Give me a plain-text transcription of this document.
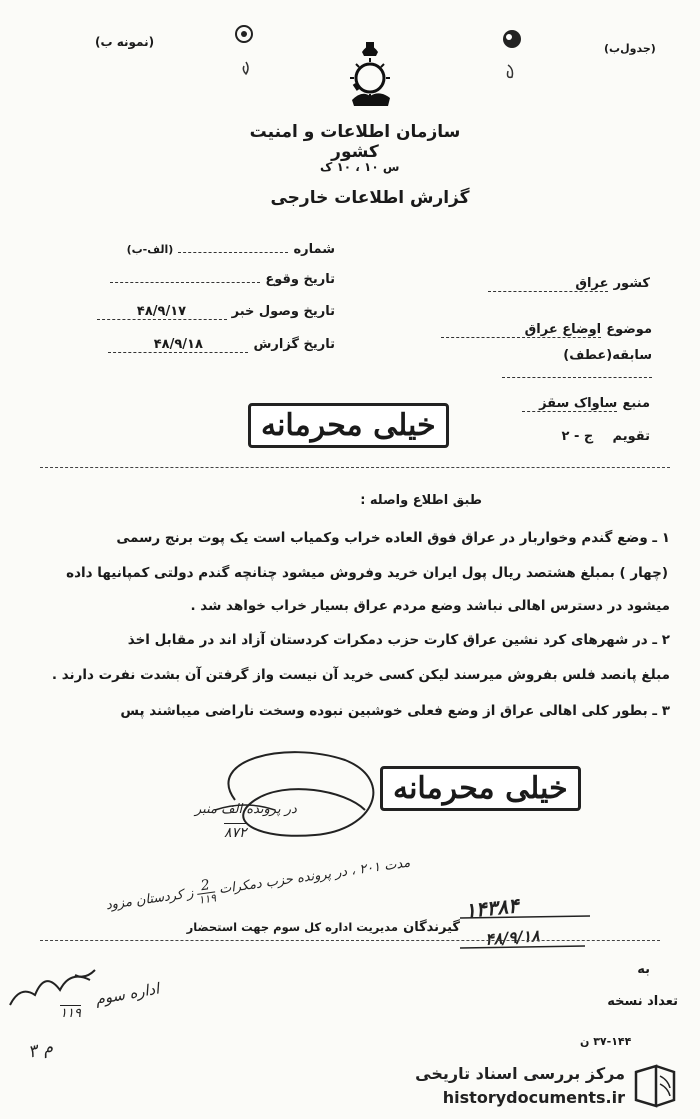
(نمونه ب)	(جدول‌ب)
سازمان اطلاعات و امنیت کشور
س ۱۰ ، ۱۰ ک
گزارش اطلاعات خارجی
شماره  (الف-ب)
تاریخ وقوع
تاریخ وصول خبر ۴۸/۹/۱۷
تاریخ گزارش ۴۸/۹/۱۸
کشور عراق
موضوع اوضاع عراق
سابقه(عطف)
منبع ساواک سقز
تقویم ج - ۲
خیلی محرمانه
طبق اطلاع واصله :
۱ ـ وضع گندم وخواربار در عراق فوق العاده خراب وکمیاب است یک پوت برنج رسمی
(چهار ) بمبلغ هشتصد ریال پول ایران خرید وفروش میشود چنانچه گندم دولتی کمپانیها داده
میشود در دسترس اهالی نباشد وضع مردم عراق بسیار خراب خواهد شد .
۲ ـ در شهرهای کرد نشین عراق کارت حزب دمکرات کردستان آزاد اند در مقابل اخذ
مبلغ پانصد فلس بفروش میرسند لیکن کسی خرید آن نیست واز گرفتن آن بشدت نفرت دارند .
۳ ـ بطور کلی اهالی عراق از وضع فعلی خوشبین نبوده وسخت ناراضی میباشند پس
خیلی محرمانه
در پرونده الف منبر
۸۷۲
مدت ۲۰۱ ، در پرونده حزب دمکرات
2
۱۱۹
ز کردستان مزود	۱۴۳۸۴
۴۸/۹/۱۸
گیرندگان مدیریت اداره کل سوم جهت استحضار
به
تعداد نسخه
اداره سوم
۱۱۹
م ۳	۳۷-۱۴۴ ن
مرکز بررسی اسناد تاریخی
historydocuments.ir
